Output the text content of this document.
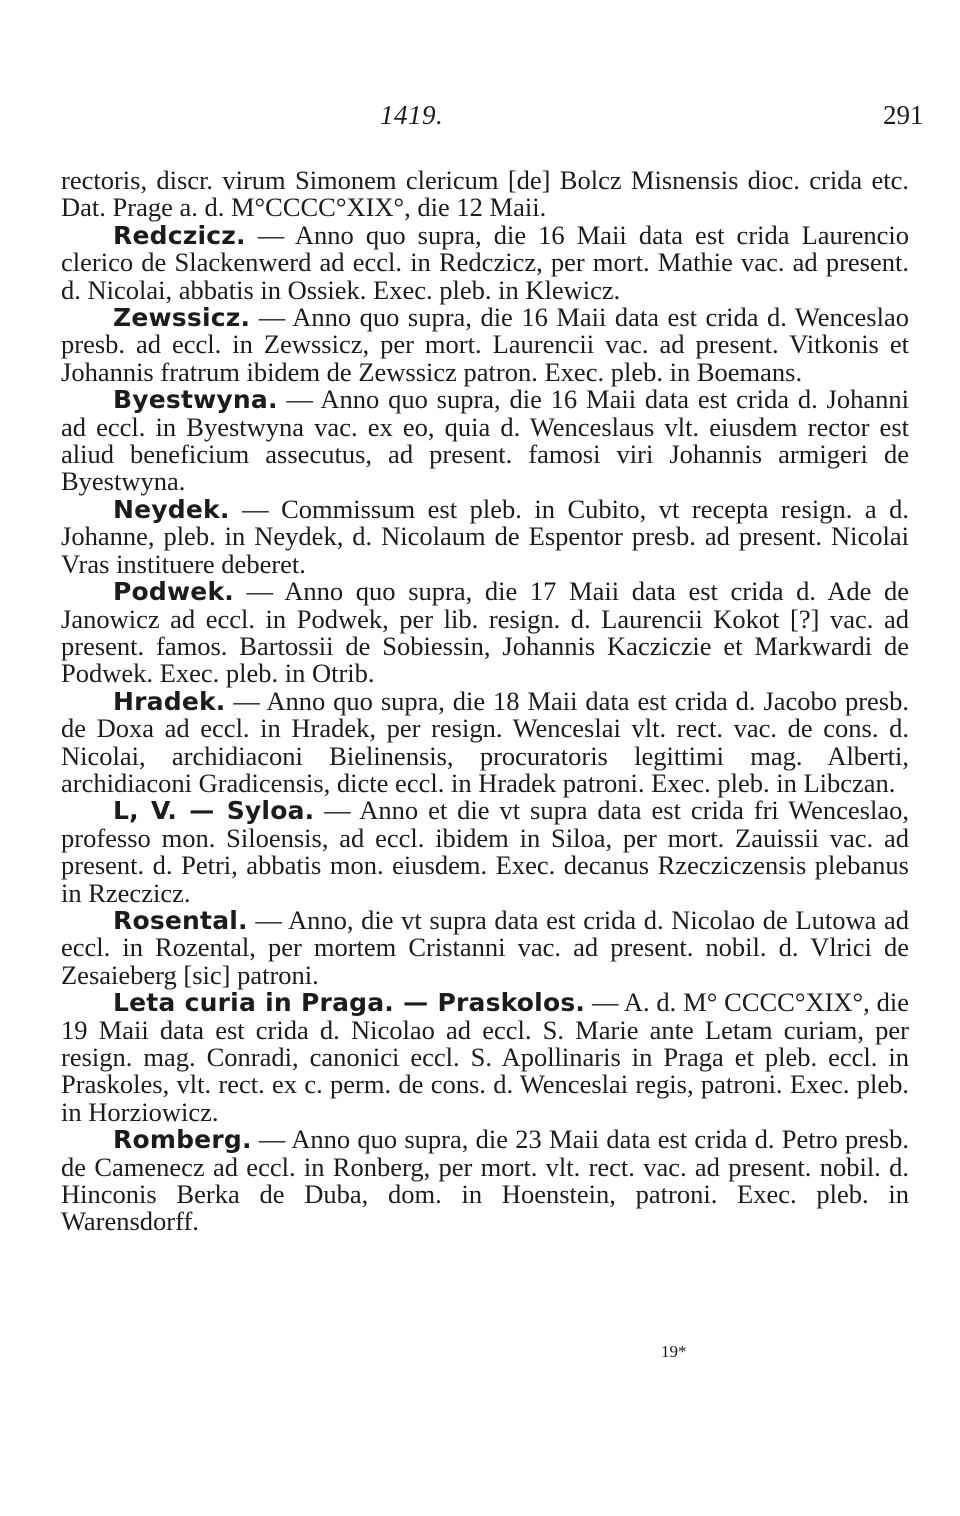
1419.	291

rectoris, discr. virum Simonem clericum [de] Bolcz Misnensis dioc. crida etc. Dat. Prage a. d. M°CCCC°XIX°, die 12 Maii.

Redczicz. — Anno quo supra, die 16 Maii data est crida Laurencio clerico de Slackenwerd ad eccl. in Redczicz, per mort. Mathie vac. ad present. d. Nicolai, abbatis in Ossiek. Exec. pleb. in Klewicz.

Zewssicz. — Anno quo supra, die 16 Maii data est crida d. Wenceslao presb. ad eccl. in Zewssicz, per mort. Laurencii vac. ad present. Vitkonis et Johannis fratrum ibidem de Zewssicz patron. Exec. pleb. in Boemans.

Byestwyna. — Anno quo supra, die 16 Maii data est crida d. Johanni ad eccl. in Byestwyna vac. ex eo, quia d. Wenceslaus vlt. eiusdem rector est aliud beneficium assecutus, ad present. famosi viri Johannis armigeri de Byestwyna.

Neydek. — Commissum est pleb. in Cubito, vt recepta resign. a d. Johanne, pleb. in Neydek, d. Nicolaum de Espentor presb. ad present. Nicolai Vras instituere deberet.

Podwek. — Anno quo supra, die 17 Maii data est crida d. Ade de Janowicz ad eccl. in Podwek, per lib. resign. d. Laurencii Kokot [?] vac. ad present. famos. Bartossii de Sobiessin, Johannis Kacziczie et Markwardi de Podwek. Exec. pleb. in Otrib.

Hradek. — Anno quo supra, die 18 Maii data est crida d. Jacobo presb. de Doxa ad eccl. in Hradek, per resign. Wenceslai vlt. rect. vac. de cons. d. Nicolai, archidiaconi Bielinensis, procuratoris legittimi mag. Alberti, archidiaconi Gradicensis, dicte eccl. in Hradek patroni. Exec. pleb. in Libczan.

L, V. — Syloa. — Anno et die vt supra data est crida fri Wenceslao, professo mon. Siloensis, ad eccl. ibidem in Siloa, per mort. Zauissii vac. ad present. d. Petri, abbatis mon. eiusdem. Exec. decanus Rzecziczensis plebanus in Rzeczicz.

Rosental. — Anno, die vt supra data est crida d. Nicolao de Lutowa ad eccl. in Rozental, per mortem Cristanni vac. ad present. nobil. d. Vlrici de Zesaieberg [sic] patroni.

Leta curia in Praga. — Praskolos. — A. d. M° CCCC°XIX°, die 19 Maii data est crida d. Nicolao ad eccl. S. Marie ante Letam curiam, per resign. mag. Conradi, canonici eccl. S. Apollinaris in Praga et pleb. eccl. in Praskoles, vlt. rect. ex c. perm. de cons. d. Wenceslai regis, patroni. Exec. pleb. in Horziowicz.

Romberg. — Anno quo supra, die 23 Maii data est crida d. Petro presb. de Camenecz ad eccl. in Ronberg, per mort. vlt. rect. vac. ad present. nobil. d. Hinconis Berka de Duba, dom. in Hoenstein, patroni. Exec. pleb. in Warensdorff.

19*
